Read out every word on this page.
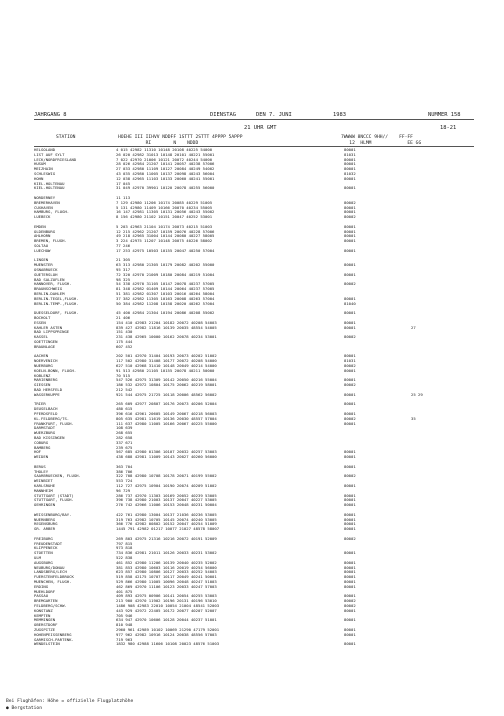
JAHRGANG 8	DIENSTAG	DEN 7. JUNI	1983	NUMMER 158
21 UHR GMT	18-21
STATION	HOEHE III IIHVV NDDFF 1STTT 2STTT 4PPPP 5APPP
RI        N    NDDD
7WWWW 8NCCC 9HH//    FF-FF
12  HLMM             EE GG
HELGOLAND	4 015 42982 11310 10148 20108 40225 54000	80001
LIST AUF SYLT	26 020 42982 31013 10148 20101 40221 55001	81031
LECK/NORDFRIESLAND	7 022 42970 21006 10121 20072 40244 54000	80001
HUSUM	28 026 42984 21207 10141 20057 40238 57006	80001
MEIZHAIN	27 033 42980 11109 10127 20084 40249 54002	80001
SCHLESWIG	43 035 42980 11005 10137 20098 40243 56004	81032
HOHN	12 038 42965 11103 10133 20060 40241 55001	80001
KIEL-HOLTENAU	17 045
KIEL-HOLTENAU	31 049 42970 39901 10120 20078 40255 56000	80001
NORDERNEY	11 113
BREMERHAVEN	7 129 42980 11206 10174 20085 40229 51005	80002
CUXHAVEN	5 131 42980 11409 10166 20070 40234 55005	80001
HAMBURG, FLUGH.	16 147 42981 11305 10131 20056 40243 55002	80001
LUEBECK	8 156 42980 21102 10151 20047 40252 53001	80002
EMDEN	5 203 42963 21104 10174 20073 40215 51003	80001
OLDENBURG	12 215 42962 21207 10159 20076 40228 57006	80001
AHLHORN	49 218 42965 31004 10144 20080 40227 58005	80001
BREMEN, FLUGH.	3 224 42975 11207 10148 20075 40226 58002	80001
SOLTAU	77 246
LUECHOW	17 253 42975 10503 10155 20047 40250 57004	80001
LINGEN	21 305
MUENSTER	63 313 42980 21305 10179 20082 40202 55000	80001
OSNABRUECK	95 317
GUETERSLOH	72 320 42970 21009 10180 20084 40219 51004	80001
BAD SALZUFLEN	98 325
HANNOVER, FLUGH.	54 338 42970 31105 10147 20078 40237 57005	80002
BRAUNSCHWEIG	81 348 42982 01409 10144 20064 40237 57005
BERLIN-DAHLEM	51 381 42982 01307 10103 20016 40264 58004
BERLIN-TEGEL,FLUGH.	37 382 42982 11305 10163 20008 40263 57004	80001
BERLIN-TEMP.,FLUGH.	50 384 42982 11208 10158 20020 40262 57004	81040
DUESSELDORF, FLUGH.	45 400 42984 21304 10194 20086 40208 55002	80001
BOCHOLT	21 406
ESSEN	154 410 42983 21204 10182 20072 40208 54003	80001
KAHLER ASTEN	839 427 42982 11816 10139 20035 48554 54005	80001	27
BAD LIPPSPRINGE	151 430
KASSEL	231 438 42965 10000 10162 20078 40234 53001	80002
GOETTINGEN	175 444
BRAUNLAGE	607 452
AACHEN	202 501 42970 31404 10193 20073 40202 51002	80001
NOERVENICH	117 502 42980 31408 10177 20072 40208 54000	81031
NUERBURG	627 510 42968 31410 10148 20049 40214 54000	80002
KOELN-BONN, FLUGH.	91 513 42980 21105 10155 20078 40211 50000	80001
KOBLENZ	70 515
MARIENBERG	547 526 42975 31309 10142 20050 40216 55004	80001
GIESSEN	186 532 42972 10804 10175 20062 40219 58001	80002
BAD HERSFELD	212 542
WASSERKUPPE	921 544 42975 21725 10118 20006 48562 56002	80001	25 29
TRIER	265 609 42977 20807 10176 20073 40206 52004	80001
DEUSELBACH	480 615
PFERDSFELD	396 616 42961 20605 10149 20067 40218 56003	80001
KL.FELDBERG/TS.	805 635 42981 11619 10136 20030 48557 57004	80002	35
FRANKFURT, FLUGH.	111 637 42980 11005 10166 20067 40225 55000	80001
DARMSTADT	108 639
WUERZBURG	268 655
BAD KISSINGEN	282 658
COBURG	337 671
BAMBERG	239 675
HOF	567 685 42980 01306 10107 20032 40257 53003	80001
WEIDEN	438 688 42981 11009 10143 20027 40260 56000	80001
BERUS	363 704	80001
THOLEY	386 706
SAARBRUECKEN, FLUGH.	322 708 42980 10708 10178 20071 40199 55002	80002
WEINBIET	553 724
KARLSRUHE	112 727 42975 10904 10190 20074 40209 51002	80001
MANNHEIM	96 729
STUTTGART (STADT)	286 737 42970 11303 10169 20052 40239 53005	80001
STUTTGART, FLUGH.	396 738 42980 21003 10137 20047 40227 53005	80001
OEHRINGEN	276 742 42966 11006 10153 20048 40231 50004	80001
WEISSENBURG/BAY.	422 761 42980 13004 10137 21036 40236 53005	80001
NUERNBERG	319 763 42982 10705 10145 20074 40240 53005	80001
REGENSBURG	366 776 42982 00802 10152 20047 40254 51009	80001
GR. ARBER	1445 791 42982 01217 10077 21027 48578 58007	80001
FREIBURG	269 803 42975 21316 10216 20072 40191 52009	80002
FREUDENSTADT	797 815
KLIPPENECK	973 818
STOETTEN	734 836 42981 21011 10126 20033 40231 53002	80001
ULM	522 838
AUGSBURG	461 852 42980 11206 10139 20040 40235 52002	80001
NEUBURG/DONAU	381 853 42980 10603 10116 20019 40254 56000	80001
LANDSBERG/LECH	623 857 42980 10806 10127 20033 40252 54003	80001
FUERSTENFELDBRUCK	519 858 42175 10707 10117 20049 40241 50001	80001
MUENCHEN, FLUGH.	529 866 42980 11005 10096 20048 40247 51003	80001
ERDING	462 869 42970 11106 10123 20033 40247 57003	80001
MUEHLDORF	401 875
PASSAU	409 893 42975 00906 10141 20054 40255 53003	80001
BREMGARTEN	213 900 42970 11902 10196 20131 40196 53010	80002
FELDBERG/SCHW.	1486 908 42983 22010 10054 21004 48541 52003	80002
KONSTANZ	443 929 42972 22405 10172 20077 40207 52007	80001
KEMPTEN	705 946
MEMMINGEN	634 947 42970 10606 10128 20044 40237 51001	80001
OBERSTDORF	810 948
ZUGSPITZE	2960 961 42989 10102 10069 21290 47179 52001	80001
HOHENPEISSENBERG	977 962 42982 10916 10124 20038 48556 57003	80001
GARMISCH-PARTENK.	719 963
WENDELSTEIN	1832 980 42988 11606 10108 20023 48576 51003	80001
Bei Flughäfen: Höhe = offizielle Flugplatzhöhe
● Bergstation
